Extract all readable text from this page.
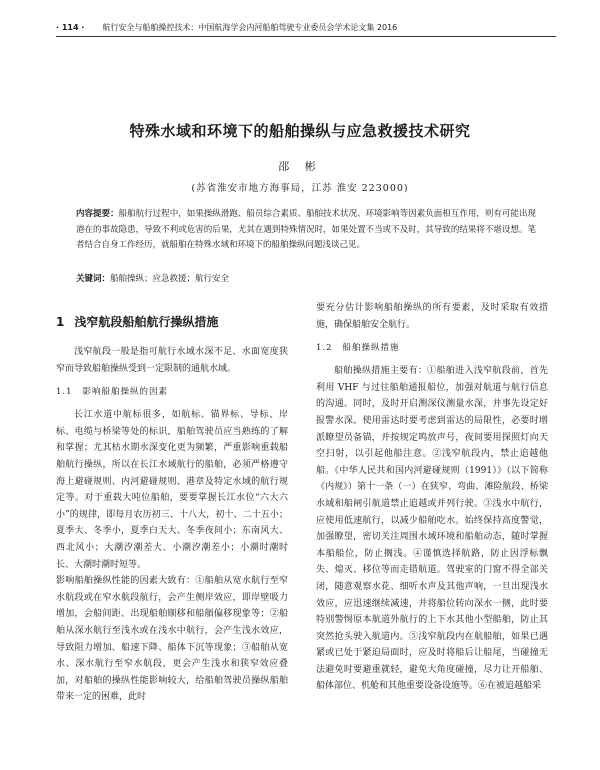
· 114 · 航行安全与船舶操控技术：中国航海学会内河船舶驾驶专业委员会学术论文集 2016
特殊水域和环境下的船舶操纵与应急救援技术研究
邵 彬
(苏省淮安市地方海事局，江苏 淮安 223000)
内容提要：船舶航行过程中，如果操纵滑跑、船员综合素质、船舶技术状况、环境影响等因素负面相互作用，则有可能出现港在的事故隐患，导致不利或危害的后果，尤其在遇到特殊情况时，如果处置不当或不及时，其导致的结果将不堪设想。笔者结合自身工作经历，就船舶在特殊水域和环境下的船舶操纵问题浅谈己见。
关键词：船舶操纵；应急救援；航行安全
1 浅窄航段船舶航行操纵措施

浅窄航段一般是指可航行水域水深不足、水面宽度狭窄而导致船舶操纵受到一定限制的通航水域。

1.1 影响船舶操纵的因素

长江水道中航标很多，如航标、锚界标、导标、岸标、电缆与桥梁等处的标识，船舶驾驶员应当熟练的了解和掌握；尤其枯水期水深变化更为频繁，严重影响重载船舶航行操纵，所以在长江水域航行的船舶，必须严格遵守海上避碰规则、内河避碰规则、港章及特定水域的航行规定等。对于重载大吨位船舶，要要掌握长江水位“六大六小”的规律，即每月农历初三、十八大，初十、二十五小；夏季大、冬季小，夏季白天大、冬季夜间小；东南风大、西北风小；大潮汐潮差大、小潮汐潮差小；小潮时潮时长、大潮时潮时短等。

影响船舶操纵性能的因素大致有：①船舶从宽水航行至窄水航段或在窄水航段航行，会产生侧岸效应，即岸壁吸力增加，会船间距、出现船舶顺移和船艏偏移现象等；②船舶从深水航行至浅水或在浅水中航行，会产生浅水效应，导致阻力增加、船速下降、船体下沉等现象；③船舶从宽水、深水航行至窄水航段，更会产生浅水和狭窄效应叠加，对船舶的操纵性能影响较大，给船舶驾驶员操纵船舶带来一定的困难，此时

要充分估计影响船舶操纵的所有要素，及时采取有效措施，确保船舶安全航行。

1.2 船舶操纵措施

船舶操纵措施主要有：①船舶进入浅窄航段前，首先利用 VHF 与过往船舶通报船位，加强对航道与航行信息的沟通。同时，及时开启测深仪测量水深，并事先设定好报警水深。使用雷达时要考虑到雷达的局限性，必要时增派瞭望员备锚，并按规定鸣放声号，夜间要用探照灯向天空扫射，以引起他船注意。②浅窄航段内，禁止追越他船。《中华人民共和国内河避碰规则（1991）》（以下简称《内规》）第十一条（一）在狭窄、弯曲、滩险航段、桥梁水域和船闸引航道禁止追越或并列行驶。③浅水中航行，应使用低速航行，以减少船舶吃水。始终保持高度警觉，加强瞭望，密切关注周围水域环境和船舶动态，随时掌握本船船位，防止搁浅。④谨慎选择航路，防止因浮标飘失、熄灭、移位等而走错航道。驾驶室的门窗不得全部关闭，随意观察水花、细听水声及其他声响，一旦出现浅水效应，应迅速继续减速，并将船位转向深水一侧，此时要特别警惕原本航道外航行的上下水其他小型船舶，防止其突然抢头驶入航道内。⑤浅窄航段内在航船舶，如果已遇紧或已处于紧迫局面时，应及时将船后让船尾，当碰撞无法避免时要避重就轻，避免大角度碰撞，尽力让开船舶、船体部位、机舱和其他重要设备设施等。⑥在被追越船采
